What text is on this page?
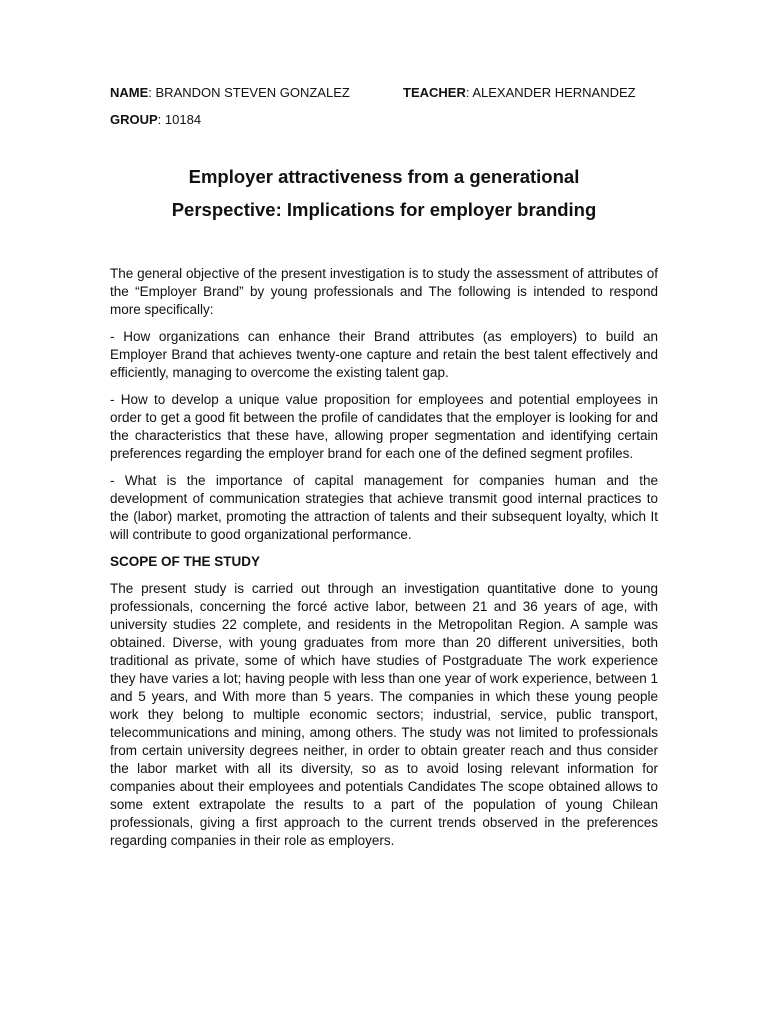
NAME: BRANDON STEVEN GONZALEZ	TEACHER: ALEXANDER HERNANDEZ
GROUP: 10184
Employer attractiveness from a generational
Perspective: Implications for employer branding

The general objective of the present investigation is to study the assessment of attributes of the “Employer Brand” by young professionals and The following is intended to respond more specifically:

- How organizations can enhance their Brand attributes (as employers) to build an Employer Brand that achieves twenty-one capture and retain the best talent effectively and efficiently, managing to overcome the existing talent gap.

- How to develop a unique value proposition for employees and potential employees in order to get a good fit between the profile of candidates that the employer is looking for and the characteristics that these have, allowing proper segmentation and identifying certain preferences regarding the employer brand for each one of the defined segment profiles.

- What is the importance of capital management for companies human and the development of communication strategies that achieve transmit good internal practices to the (labor) market, promoting the attraction of talents and their subsequent loyalty, which It will contribute to good organizational performance.

SCOPE OF THE STUDY

The present study is carried out through an investigation quantitative done to young professionals, concerning the forcé active labor, between 21 and 36 years of age, with university studies 22 complete, and residents in the Metropolitan Region. A sample was obtained. Diverse, with young graduates from more than 20 different universities, both traditional as private, some of which have studies of Postgraduate The work experience they have varies a lot; having people with less than one year of work experience, between 1 and 5 years, and With more than 5 years. The companies in which these young people work they belong to multiple economic sectors; industrial, service, public transport, telecommunications and mining, among others. The study was not limited to professionals from certain university degrees neither, in order to obtain greater reach and thus consider the labor market with all its diversity, so as to avoid losing relevant information for companies about their employees and potentials Candidates The scope obtained allows to some extent extrapolate the results to a part of the population of young Chilean professionals, giving a first approach to the current trends observed in the preferences regarding companies in their role as employers.
